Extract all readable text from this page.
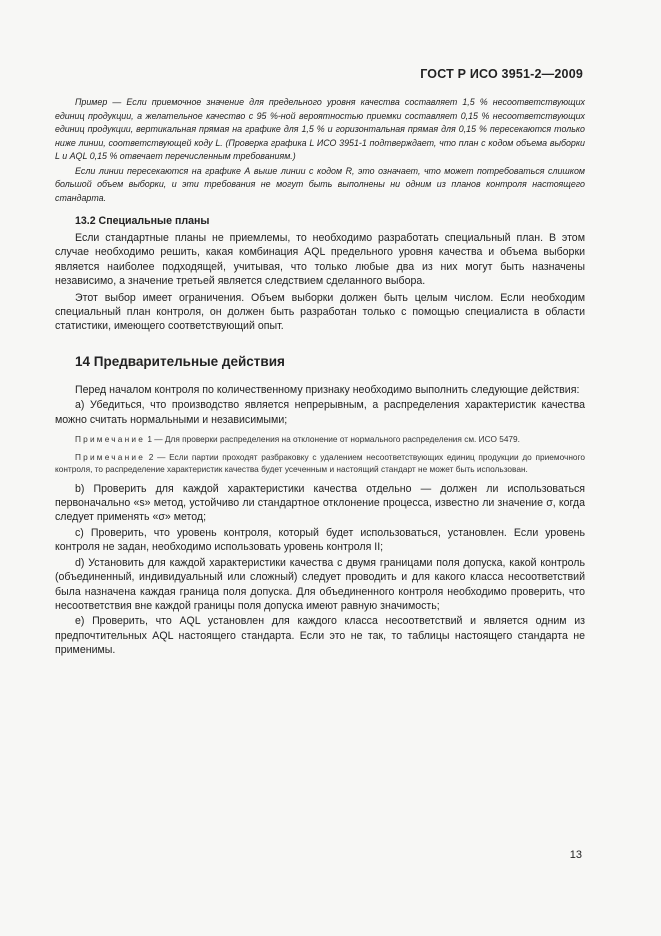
ГОСТ Р ИСО 3951-2—2009

Пример — Если приемочное значение для предельного уровня качества составляет 1,5 % несоответствующих единиц продукции, а желательное качество с 95 %-ной вероятностью приемки составляет 0,15 % несоответствующих единиц продукции, вертикальная прямая на графике для 1,5 % и горизонтальная прямая для 0,15 % пересекаются только ниже линии, соответствующей коду L. (Проверка графика L ИСО 3951-1 подтверждает, что план с кодом объема выборки L и AQL 0,15 % отвечает перечисленным требованиям.)

Если линии пересекаются на графике А выше линии с кодом R, это означает, что может потребоваться слишком большой объем выборки, и эти требования не могут быть выполнены ни одним из планов контроля настоящего стандарта.

13.2 Специальные планы

Если стандартные планы не приемлемы, то необходимо разработать специальный план. В этом случае необходимо решить, какая комбинация AQL предельного уровня качества и объема выборки является наиболее подходящей, учитывая, что только любые два из них могут быть назначены независимо, а значение третьей является следствием сделанного выбора.

Этот выбор имеет ограничения. Объем выборки должен быть целым числом. Если необходим специальный план контроля, он должен быть разработан только с помощью специалиста в области статистики, имеющего соответствующий опыт.

14 Предварительные действия

Перед началом контроля по количественному признаку необходимо выполнить следующие действия:

a) Убедиться, что производство является непрерывным, а распределения характеристик качества можно считать нормальными и независимыми;

Примечание 1 — Для проверки распределения на отклонение от нормального распределения см. ИСО 5479.

Примечание 2 — Если партии проходят разбраковку с удалением несоответствующих единиц продукции до приемочного контроля, то распределение характеристик качества будет усеченным и настоящий стандарт не может быть использован.

b) Проверить для каждой характеристики качества отдельно — должен ли использоваться первоначально «s» метод, устойчиво ли стандартное отклонение процесса, известно ли значение σ, когда следует применять «σ» метод;

c) Проверить, что уровень контроля, который будет использоваться, установлен. Если уровень контроля не задан, необходимо использовать уровень контроля II;

d) Установить для каждой характеристики качества с двумя границами поля допуска, какой контроль (объединенный, индивидуальный или сложный) следует проводить и для какого класса несоответствий была назначена каждая граница поля допуска. Для объединенного контроля необходимо проверить, что несоответствия вне каждой границы поля допуска имеют равную значимость;

e) Проверить, что AQL установлен для каждого класса несоответствий и является одним из предпочтительных AQL настоящего стандарта. Если это не так, то таблицы настоящего стандарта не применимы.

13
